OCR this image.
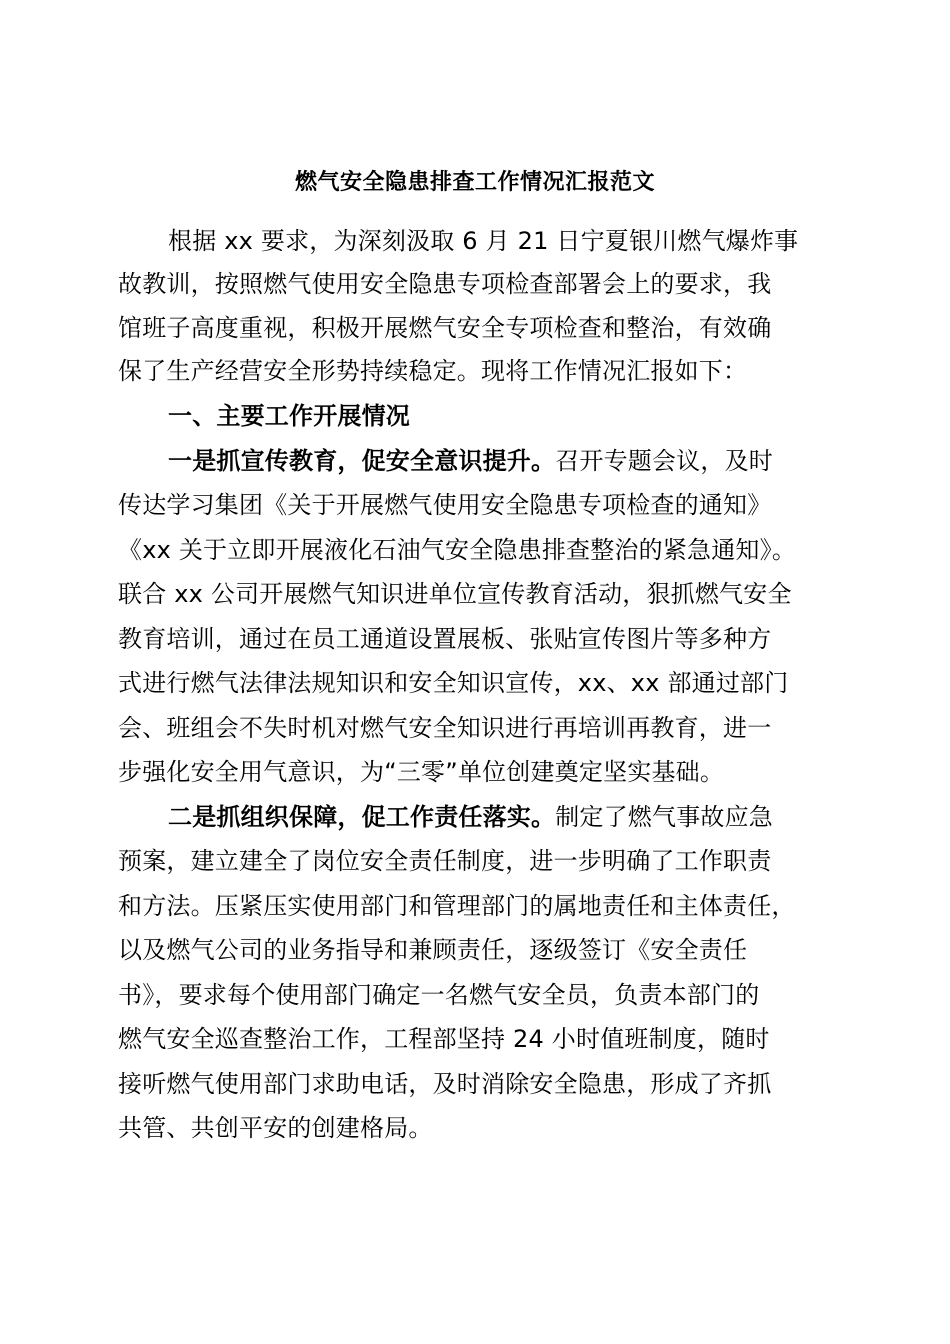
燃气安全隐患排查工作情况汇报范文
根据 xx 要求，为深刻汲取 6 月 21 日宁夏银川燃气爆炸事
故教训，按照燃气使用安全隐患专项检查部署会上的要求，我
馆班子高度重视，积极开展燃气安全专项检查和整治，有效确
保了生产经营安全形势持续稳定。现将工作情况汇报如下：
一、主要工作开展情况
一是抓宣传教育，促安全意识提升。召开专题会议，及时
传达学习集团《关于开展燃气使用安全隐患专项检查的通知》
《xx 关于立即开展液化石油气安全隐患排查整治的紧急通知》。
联合 xx 公司开展燃气知识进单位宣传教育活动，狠抓燃气安全
教育培训，通过在员工通道设置展板、张贴宣传图片等多种方
式进行燃气法律法规知识和安全知识宣传，xx、xx 部通过部门
会、班组会不失时机对燃气安全知识进行再培训再教育，进一
步强化安全用气意识，为“三零”单位创建奠定坚实基础。
二是抓组织保障，促工作责任落实。制定了燃气事故应急
预案，建立建全了岗位安全责任制度，进一步明确了工作职责
和方法。压紧压实使用部门和管理部门的属地责任和主体责任，
以及燃气公司的业务指导和兼顾责任，逐级签订《安全责任
书》，要求每个使用部门确定一名燃气安全员，负责本部门的
燃气安全巡查整治工作，工程部坚持 24 小时值班制度，随时
接听燃气使用部门求助电话，及时消除安全隐患，形成了齐抓
共管、共创平安的创建格局。
